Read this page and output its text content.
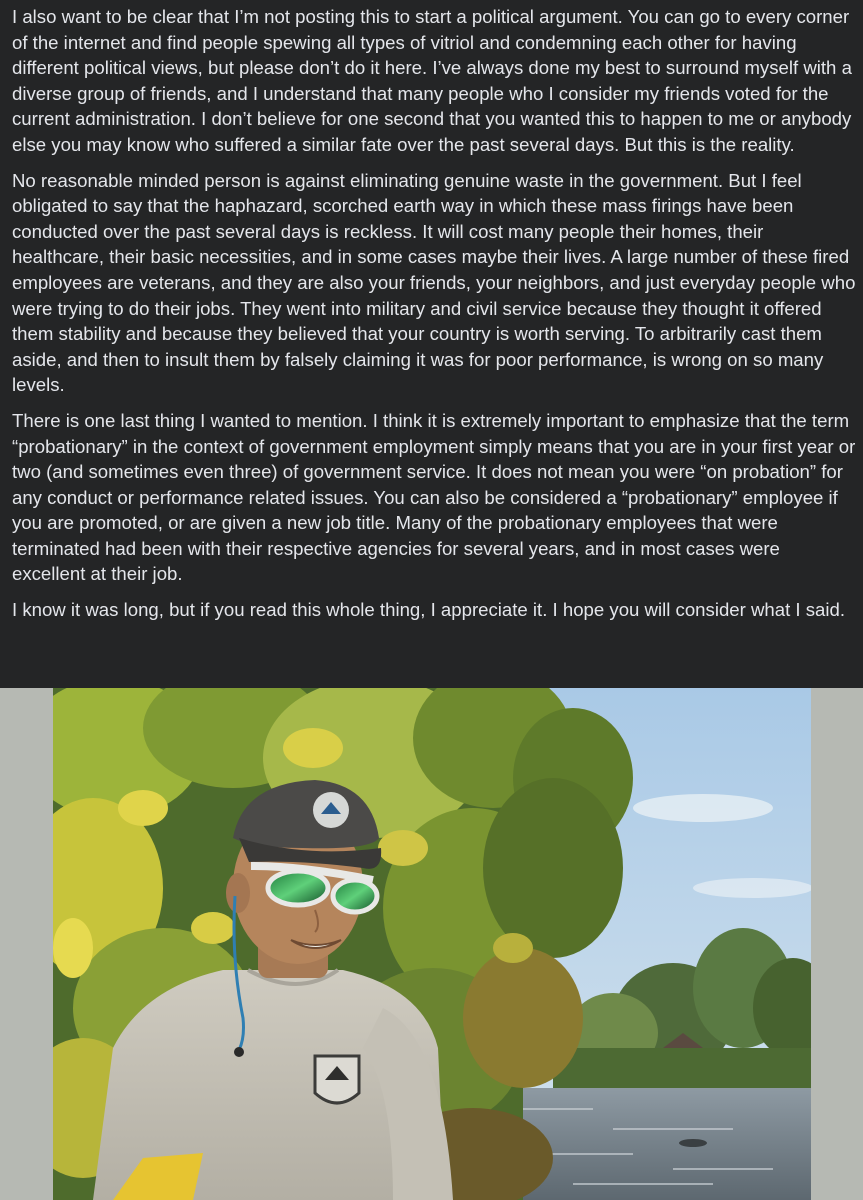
I also want to be clear that I’m not posting this to start a political argument. You can go to every corner of the internet and find people spewing all types of vitriol and condemning each other for having different political views, but please don’t do it here. I’ve always done my best to surround myself with a diverse group of friends, and I understand that many people who I consider my friends voted for the current administration. I don’t believe for one second that you wanted this to happen to me or anybody else you may know who suffered a similar fate over the past several days. But this is the reality.

No reasonable minded person is against eliminating genuine waste in the government. But I feel obligated to say that the haphazard, scorched earth way in which these mass firings have been conducted over the past several days is reckless. It will cost many people their homes, their healthcare, their basic necessities, and in some cases maybe their lives. A large number of these fired employees are veterans, and they are also your friends, your neighbors, and just everyday people who were trying to do their jobs. They went into military and civil service because they thought it offered them stability and because they believed that your country is worth serving. To arbitrarily cast them aside, and then to insult them by falsely claiming it was for poor performance, is wrong on so many levels.

There is one last thing I wanted to mention. I think it is extremely important to emphasize that the term “probationary” in the context of government employment simply means that you are in your first year or two (and sometimes even three) of government service. It does not mean you were “on probation” for any conduct or performance related issues. You can also be considered a “probationary” employee if you are promoted, or are given a new job title. Many of the probationary employees that were terminated had been with their respective agencies for several years, and in most cases were excellent at their job.

I know it was long, but if you read this whole thing, I appreciate it. I hope you will consider what I said.
